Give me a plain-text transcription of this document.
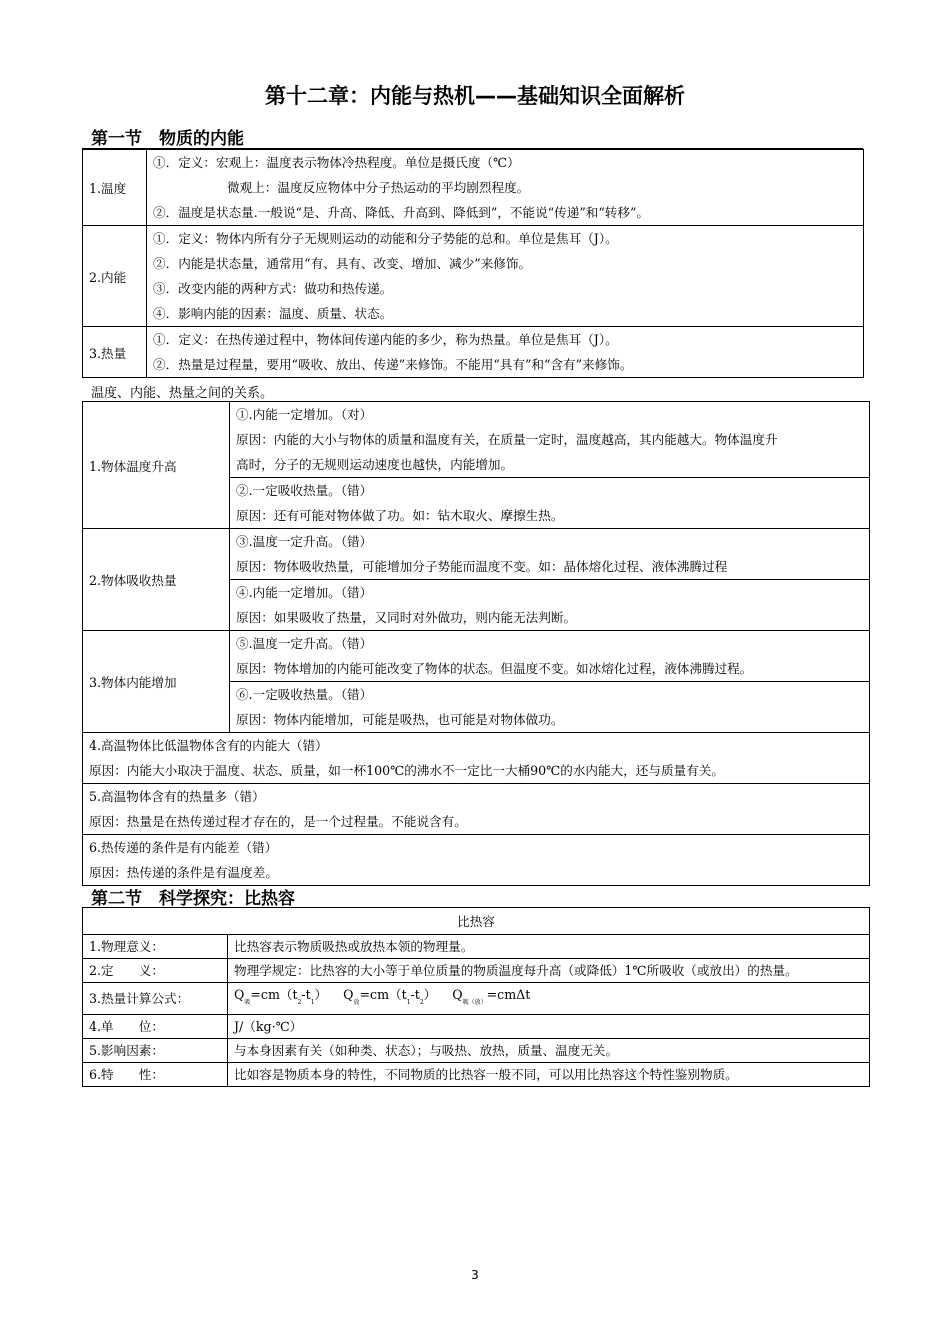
第十二章：内能与热机——基础知识全面解析
第一节　物质的内能
1.温度	①．定义：宏观上：温度表示物体冷热程度。单位是摄氏度（℃）
微观上：温度反应物体中分子热运动的平均剧烈程度。
②．温度是状态量.一般说“是、升高、降低、升高到、降低到”，不能说“传递”和“转移”。

2.内能	①．定义：物体内所有分子无规则运动的动能和分子势能的总和。单位是焦耳（J）。
②．内能是状态量，通常用“有、具有、改变、增加、减少”来修饰。
③．改变内能的两种方式：做功和热传递。
④．影响内能的因素：温度、质量、状态。

3.热量	①．定义：在热传递过程中，物体间传递内能的多少，称为热量。单位是焦耳（J）。
②．热量是过程量，要用“吸收、放出、传递”来修饰。不能用“具有”和“含有”来修饰。
温度、内能、热量之间的关系。
1.物体温度升高	①.内能一定增加。（对）
原因：内能的大小与物体的质量和温度有关，在质量一定时，温度越高，其内能越大。物体温度升
高时，分子的无规则运动速度也越快，内能增加。

	②.一定吸收热量。（错）
原因：还有可能对物体做了功。如：钻木取火、摩擦生热。

2.物体吸收热量	③.温度一定升高。（错）
原因：物体吸收热量，可能增加分子势能而温度不变。如：晶体熔化过程、液体沸腾过程

	④.内能一定增加。（错）
原因：如果吸收了热量，又同时对外做功，则内能无法判断。

3.物体内能增加	⑤.温度一定升高。（错）
原因：物体增加的内能可能改变了物体的状态。但温度不变。如冰熔化过程，液体沸腾过程。

	⑥.一定吸收热量。（错）
原因：物体内能增加，可能是吸热，也可能是对物体做功。

4.高温物体比低温物体含有的内能大（错）
原因：内能大小取决于温度、状态、质量，如一杯100℃的沸水不一定比一大桶90℃的水内能大，还与质量有关。	

5.高温物体含有的热量多（错）
原因：热量是在热传递过程才存在的，是一个过程量。不能说含有。	

6.热传递的条件是有内能差（错）
原因：热传递的条件是有温度差。	
第二节　科学探究：比热容
比热容	
1.物理意义：	比热容表示物质吸热或放热本领的物理量。
2.定　　义：	物理学规定：比热容的大小等于单位质量的物质温度每升高（或降低）1℃所吸收（或放出）的热量。
3.热量计算公式：	$Q_吸=cm(t_2-t_1)$ $Q_放=cm(t_1-t_2)$ $Q_{吸(放)}=cm\Delta t$
4.单　　位：	J/（kg·℃）
5.影响因素：	与本身因素有关（如种类、状态）；与吸热、放热，质量、温度无关。
6.特　　性：	比如容是物质本身的特性，不同物质的比热容一般不同，可以用比热容这个特性鉴别物质。
3
